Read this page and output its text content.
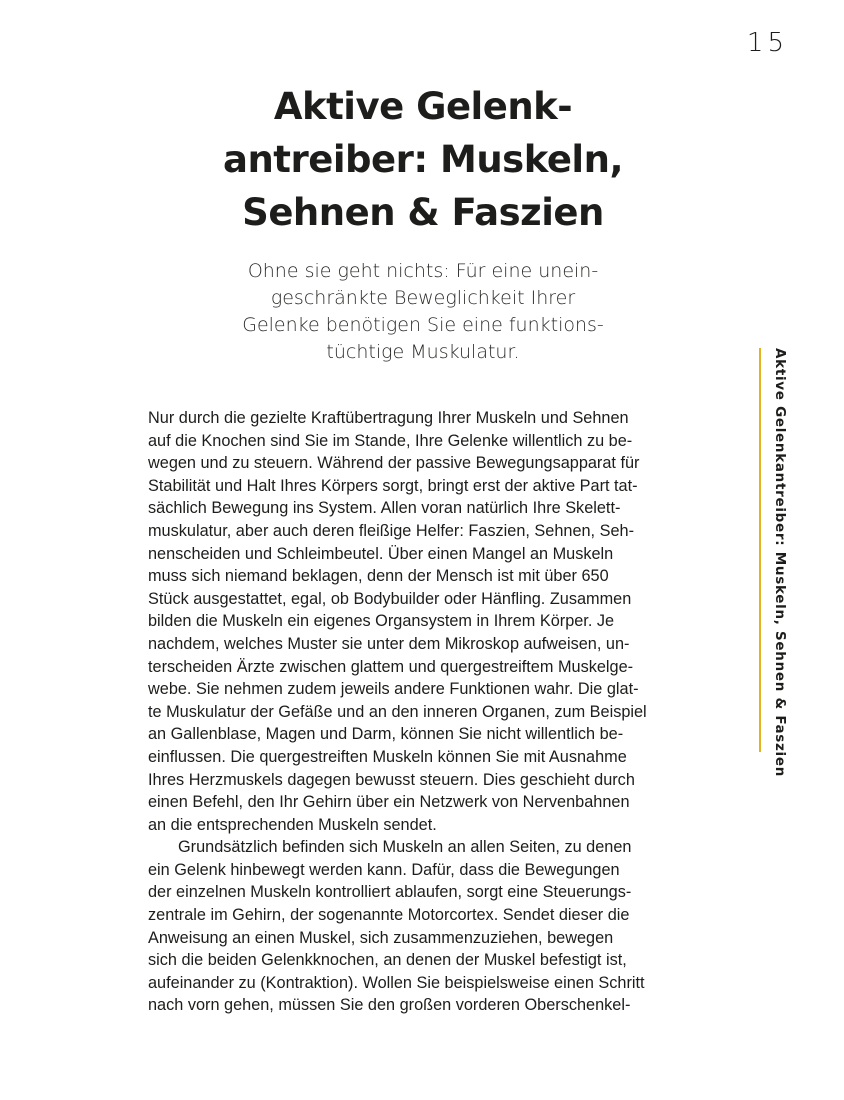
15
Aktive Gelenk-
antreiber: Muskeln,
Sehnen & Faszien

Ohne sie geht nichts: Für eine unein-
geschränkte Beweglichkeit Ihrer
Gelenke benötigen Sie eine funktions-
tüchtige Muskulatur.

Nur durch die gezielte Kraftübertragung Ihrer Muskeln und Sehnen
auf die Knochen sind Sie im Stande, Ihre Gelenke willentlich zu be-
wegen und zu steuern. Während der passive Bewegungsapparat für
Stabilität und Halt Ihres Körpers sorgt, bringt erst der aktive Part tat-
sächlich Bewegung ins System. Allen voran natürlich Ihre Skelett-
muskulatur, aber auch deren fleißige Helfer: Faszien, Sehnen, Seh-
nenscheiden und Schleimbeutel. Über einen Mangel an Muskeln
muss sich niemand beklagen, denn der Mensch ist mit über 650
Stück ausgestattet, egal, ob Bodybuilder oder Hänfling. Zusammen
bilden die Muskeln ein eigenes Organsystem in Ihrem Körper. Je
nachdem, welches Muster sie unter dem Mikroskop aufweisen, un-
terscheiden Ärzte zwischen glattem und quergestreiftem Muskelge-
webe. Sie nehmen zudem jeweils andere Funktionen wahr. Die glat-
te Muskulatur der Gefäße und an den inneren Organen, zum Beispiel
an Gallenblase, Magen und Darm, können Sie nicht willentlich be-
einflussen. Die quergestreiften Muskeln können Sie mit Ausnahme
Ihres Herzmuskels dagegen bewusst steuern. Dies geschieht durch
einen Befehl, den Ihr Gehirn über ein Netzwerk von Nervenbahnen
an die entsprechenden Muskeln sendet.
Grundsätzlich befinden sich Muskeln an allen Seiten, zu denen
ein Gelenk hinbewegt werden kann. Dafür, dass die Bewegungen
der einzelnen Muskeln kontrolliert ablaufen, sorgt eine Steuerungs-
zentrale im Gehirn, der sogenannte Motorcortex. Sendet dieser die
Anweisung an einen Muskel, sich zusammenzuziehen, bewegen
sich die beiden Gelenkknochen, an denen der Muskel befestigt ist,
aufeinander zu (Kontraktion). Wollen Sie beispielsweise einen Schritt
nach vorn gehen, müssen Sie den großen vorderen Oberschenkel-
Aktive Gelenkantreiber: Muskeln, Sehnen & Faszien
